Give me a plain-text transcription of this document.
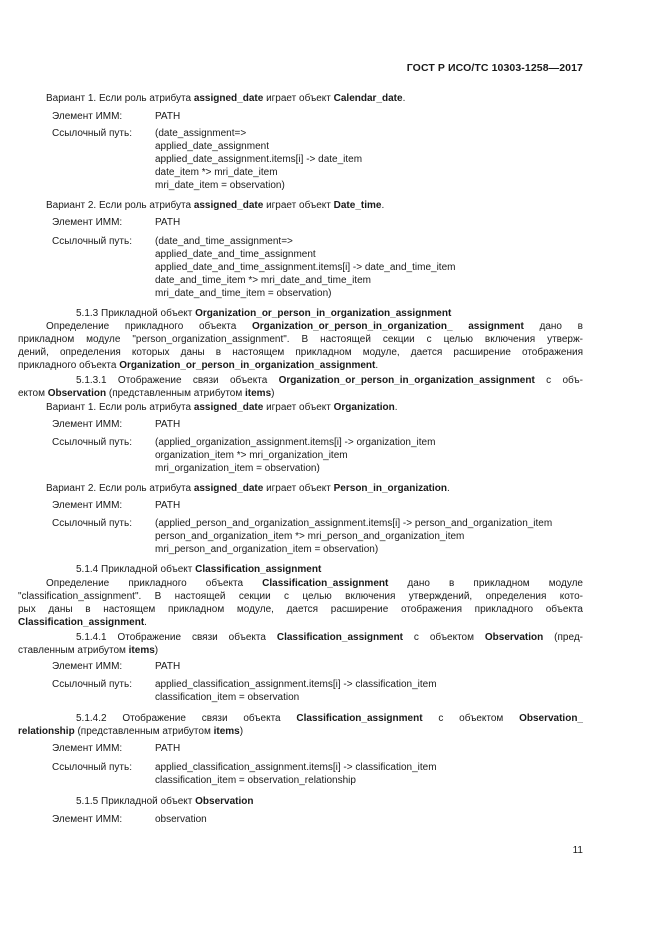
ГОСТ Р ИСО/ТС 10303-1258—2017
Вариант 1. Если роль атрибута assigned_date играет объект Calendar_date.
Элемент ИММ:	PATH
Ссылочный путь: (date_assignment=>
applied_date_assignment
applied_date_assignment.items[i] -> date_item
date_item *> mri_date_item
mri_date_item = observation)
Вариант 2. Если роль атрибута assigned_date играет объект Date_time.
Элемент ИММ:	PATH
Ссылочный путь: (date_and_time_assignment=>
applied_date_and_time_assignment
applied_date_and_time_assignment.items[i] -> date_and_time_item
date_and_time_item *> mri_date_and_time_item
mri_date_and_time_item = observation)
5.1.3 Прикладной объект Organization_or_person_in_organization_assignment
Определение прикладного объекта Organization_or_person_in_organization_ assignment дано в
прикладном модуле "person_organization_assignment". В настоящей секции с целью включения утверж-
дений, определения которых даны в настоящем прикладном модуле, дается расширение отображения
прикладного объекта Organization_or_person_in_organization_assignment.
5.1.3.1 Отображение связи объекта Organization_or_person_in_organization_assignment с объ-
ектом Observation (представленным атрибутом items)
Вариант 1. Если роль атрибута assigned_date играет объект Organization.
Элемент ИММ:	PATH
Ссылочный путь: (applied_organization_assignment.items[i] -> organization_item
organization_item *> mri_organization_item
mri_organization_item = observation)
Вариант 2. Если роль атрибута assigned_date играет объект Person_in_organization.
Элемент ИММ:	PATH
Ссылочный путь: (applied_person_and_organization_assignment.items[i] -> person_and_organization_item
person_and_organization_item *> mri_person_and_organization_item
mri_person_and_organization_item = observation)
5.1.4 Прикладной объект Classification_assignment
Определение   прикладного   объекта   Classification_assignment   дано   в   прикладном   модуле
"classification_assignment". В настоящей секции с целью включения утверждений, определения кото-
рых даны в настоящем прикладном модуле, дается расширение отображения прикладного объекта
Classification_assignment.
5.1.4.1  Отображение  связи  объекта  Classification_assignment  с  объектом  Observation  (пред-
ставленным атрибутом items)
Элемент ИММ:	PATH
Ссылочный путь: applied_classification_assignment.items[i] -> classification_item
classification_item = observation
5.1.4.2    Отображение    связи    объекта    Classification_assignment    с    объектом    Observation_
relationship (представленным атрибутом items)
Элемент ИММ:	PATH
Ссылочный путь: applied_classification_assignment.items[i] -> classification_item
classification_item = observation_relationship
5.1.5 Прикладной объект Observation
Элемент ИММ:	observation
11
